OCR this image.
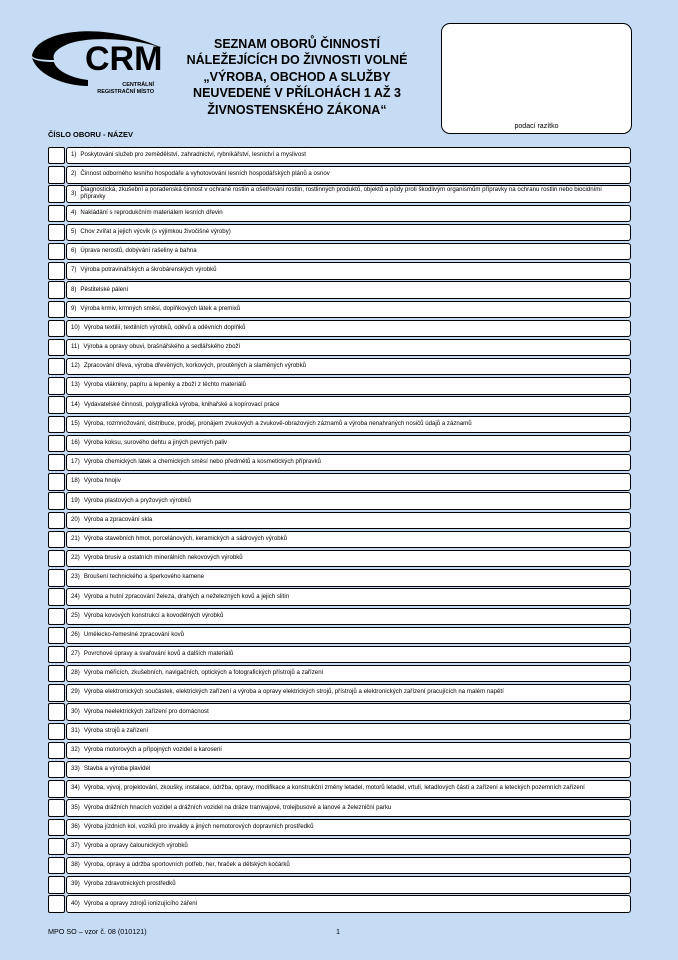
CRM
CENTRÁLNÍ
REGISTRAČNÍ MÍSTO
SEZNAM OBORŮ ČINNOSTÍ
NÁLEŽEJÍCÍCH DO ŽIVNOSTI VOLNÉ
„VÝROBA, OBCHOD A SLUŽBY
NEUVEDENÉ V PŘÍLOHÁCH 1 AŽ 3
ŽIVNOSTENSKÉHO ZÁKONA“
podací razítko
ČÍSLO OBORU - NÁZEV
1) Poskytování služeb pro zemědělství, zahradnictví, rybníkářství, lesnictví a myslivost
2) Činnost odborného lesního hospodáře a vyhotovování lesních hospodářských plánů a osnov
3) Diagnostická, zkušební a poradenská činnost v ochraně rostlin a ošetřování rostlin, rostlinných produktů, objektů a půdy proti škodlivým organismům přípravky na ochranu rostlin nebo biocidními přípravky
4) Nakládání s reprodukčním materiálem lesních dřevin
5) Chov zvířat a jejich výcvik (s výjimkou živočišné výroby)
6) Úprava nerostů, dobývání rašeliny a bahna
7) Výroba potravinářských a škrobárenských výrobků
8) Pěstitelské pálení
9) Výroba krmiv, krmných směsí, doplňkových látek a premixů
10) Výroba textilií, textilních výrobků, oděvů a oděvních doplňků
11) Výroba a opravy obuvi, brašnářského a sedlářského zboží
12) Zpracování dřeva, výroba dřevěných, korkových, proutěných a slaměných výrobků
13) Výroba vlákniny, papíru a lepenky a zboží z těchto materiálů
14) Vydavatelské činnosti, polygrafická výroba, knihařské a kopírovací práce
15) Výroba, rozmnožování, distribuce, prodej, pronájem zvukových a zvukově-obrazových záznamů a výroba nenahraných nosičů údajů a záznamů
16) Výroba koksu, surového dehtu a jiných pevných paliv
17) Výroba chemických látek a chemických směsí nebo předmětů a kosmetických přípravků
18) Výroba hnojiv
19) Výroba plastových a pryžových výrobků
20) Výroba a zpracování skla
21) Výroba stavebních hmot, porcelánových, keramických a sádrových výrobků
22) Výroba brusiv a ostatních minerálních nekovových výrobků
23) Broušení technického a šperkového kamene
24) Výroba a hutní zpracování železa, drahých a neželezných kovů a jejich slitin
25) Výroba kovových konstrukcí a kovodělných výrobků
26) Umělecko-řemeslné zpracování kovů
27) Povrchové úpravy a svařování kovů a dalších materiálů
28) Výroba měřicích, zkušebních, navigačních, optických a fotografických přístrojů a zařízení
29) Výroba elektronických součástek, elektrických zařízení a výroba a opravy elektrických strojů, přístrojů a elektronických zařízení pracujících na malém napětí
30) Výroba neelektrických zařízení pro domácnost
31) Výroba strojů a zařízení
32) Výroba motorových a přípojných vozidel a karoserií
33) Stavba a výroba plavidel
34) Výroba, vývoj, projektování, zkoušky, instalace, údržba, opravy, modifikace a konstrukční změny letadel, motorů letadel, vrtulí, letadlových částí a zařízení a leteckých pozemních zařízení
35) Výroba drážních hnacích vozidel a drážních vozidel na dráze tramvajové, trolejbusové a lanové a železniční parku
36) Výroba jízdních kol, vozíků pro invalidy a jiných nemotorových dopravních prostředků
37) Výroba a opravy čalounických výrobků
38) Výroba, opravy a údržba sportovních potřeb, her, hraček a dětských kočárků
39) Výroba zdravotnických prostředků
40) Výroba a opravy zdrojů ionizujícího záření
MPO SO – vzor č. 08 (010121)	1
